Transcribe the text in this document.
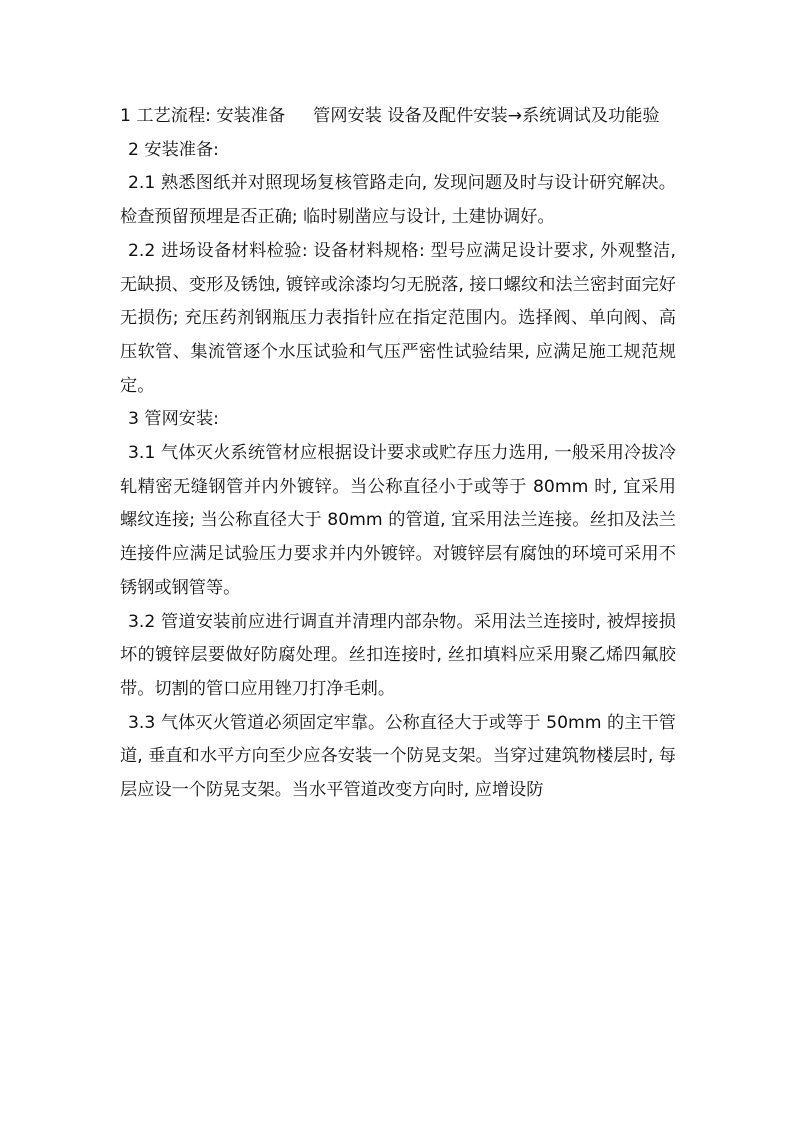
1 工艺流程: 安装准备 管网安装 设备及配件安装→系统调试及功能验

2 安装准备:

2.1 熟悉图纸并对照现场复核管路走向, 发现问题及时与设计研究解决。检查预留预埋是否正确; 临时剔凿应与设计, 土建协调好。

2.2 进场设备材料检验: 设备材料规格: 型号应满足设计要求, 外观整洁, 无缺损、变形及锈蚀, 镀锌或涂漆均匀无脱落, 接口螺纹和法兰密封面完好无损伤; 充压药剂钢瓶压力表指针应在指定范围内。选择阀、单向阀、高压软管、集流管逐个水压试验和气压严密性试验结果, 应满足施工规范规定。

3 管网安装:

3.1 气体灭火系统管材应根据设计要求或贮存压力选用, 一般采用冷拔冷轧精密无缝钢管并内外镀锌。当公称直径小于或等于 80mm 时, 宜采用螺纹连接; 当公称直径大于 80mm 的管道, 宜采用法兰连接。丝扣及法兰连接件应满足试验压力要求并内外镀锌。对镀锌层有腐蚀的环境可采用不锈钢或钢管等。

3.2 管道安装前应进行调直并清理内部杂物。采用法兰连接时, 被焊接损坏的镀锌层要做好防腐处理。丝扣连接时, 丝扣填料应采用聚乙烯四氟胶带。切割的管口应用锉刀打净毛刺。

3.3 气体灭火管道必须固定牢靠。公称直径大于或等于 50mm 的主干管道, 垂直和水平方向至少应各安装一个防晃支架。当穿过建筑物楼层时, 每层应设一个防晃支架。当水平管道改变方向时, 应增设防
